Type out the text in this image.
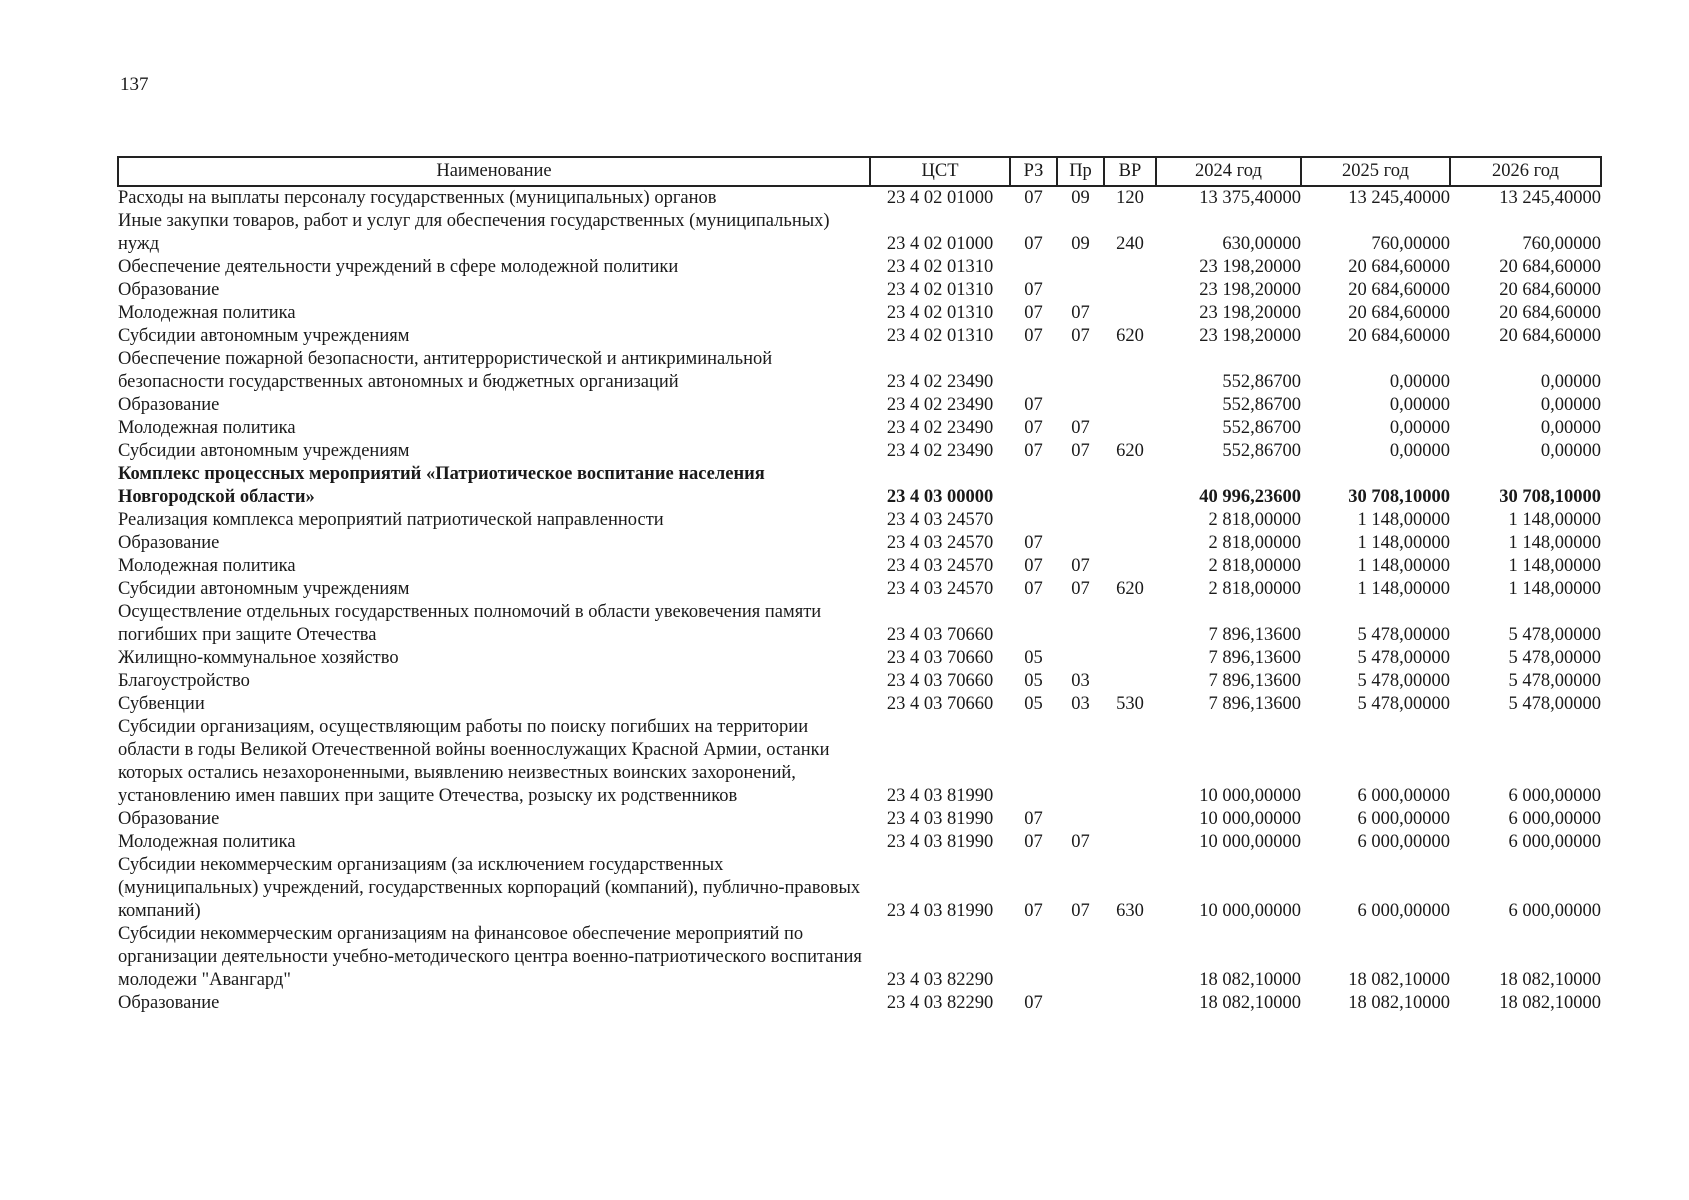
137
Наименование	ЦСТ	РЗ	Пр	ВР	2024 год	2025 год	2026 год
Расходы на выплаты персоналу государственных (муниципальных) органов	23 4 02 01000	07	09	120	13 375,40000	13 245,40000	13 245,40000
Иные закупки товаров, работ и услуг для обеспечения государственных (муниципальных) нужд	23 4 02 01000	07	09	240	630,00000	760,00000	760,00000
Обеспечение деятельности учреждений в сфере молодежной политики	23 4 02 01310				23 198,20000	20 684,60000	20 684,60000
Образование	23 4 02 01310	07			23 198,20000	20 684,60000	20 684,60000
Молодежная политика	23 4 02 01310	07	07		23 198,20000	20 684,60000	20 684,60000
Субсидии автономным учреждениям	23 4 02 01310	07	07	620	23 198,20000	20 684,60000	20 684,60000
Обеспечение пожарной безопасности, антитеррористической и антикриминальной безопасности государственных автономных и бюджетных организаций	23 4 02 23490				552,86700	0,00000	0,00000
Образование	23 4 02 23490	07			552,86700	0,00000	0,00000
Молодежная политика	23 4 02 23490	07	07		552,86700	0,00000	0,00000
Субсидии автономным учреждениям	23 4 02 23490	07	07	620	552,86700	0,00000	0,00000
Комплекс процессных мероприятий «Патриотическое воспитание населения Новгородской области»	23 4 03 00000				40 996,23600	30 708,10000	30 708,10000
Реализация комплекса мероприятий патриотической направленности	23 4 03 24570				2 818,00000	1 148,00000	1 148,00000
Образование	23 4 03 24570	07			2 818,00000	1 148,00000	1 148,00000
Молодежная политика	23 4 03 24570	07	07		2 818,00000	1 148,00000	1 148,00000
Субсидии автономным учреждениям	23 4 03 24570	07	07	620	2 818,00000	1 148,00000	1 148,00000
Осуществление отдельных государственных полномочий в области увековечения памяти погибших при защите Отечества	23 4 03 70660				7 896,13600	5 478,00000	5 478,00000
Жилищно-коммунальное хозяйство	23 4 03 70660	05			7 896,13600	5 478,00000	5 478,00000
Благоустройство	23 4 03 70660	05	03		7 896,13600	5 478,00000	5 478,00000
Субвенции	23 4 03 70660	05	03	530	7 896,13600	5 478,00000	5 478,00000
Субсидии организациям, осуществляющим работы по поиску погибших на территории области в годы Великой Отечественной войны военнослужащих Красной Армии, останки которых остались незахороненными, выявлению неизвестных воинских захоронений, установлению имен павших при защите Отечества, розыску их родственников	23 4 03 81990				10 000,00000	6 000,00000	6 000,00000
Образование	23 4 03 81990	07			10 000,00000	6 000,00000	6 000,00000
Молодежная политика	23 4 03 81990	07	07		10 000,00000	6 000,00000	6 000,00000
Субсидии некоммерческим организациям (за исключением государственных (муниципальных) учреждений, государственных корпораций (компаний), публично-правовых компаний)	23 4 03 81990	07	07	630	10 000,00000	6 000,00000	6 000,00000
Субсидии некоммерческим организациям на финансовое обеспечение мероприятий по организации деятельности учебно-методического центра военно-патриотического воспитания молодежи "Авангард"	23 4 03 82290				18 082,10000	18 082,10000	18 082,10000
Образование	23 4 03 82290	07			18 082,10000	18 082,10000	18 082,10000
